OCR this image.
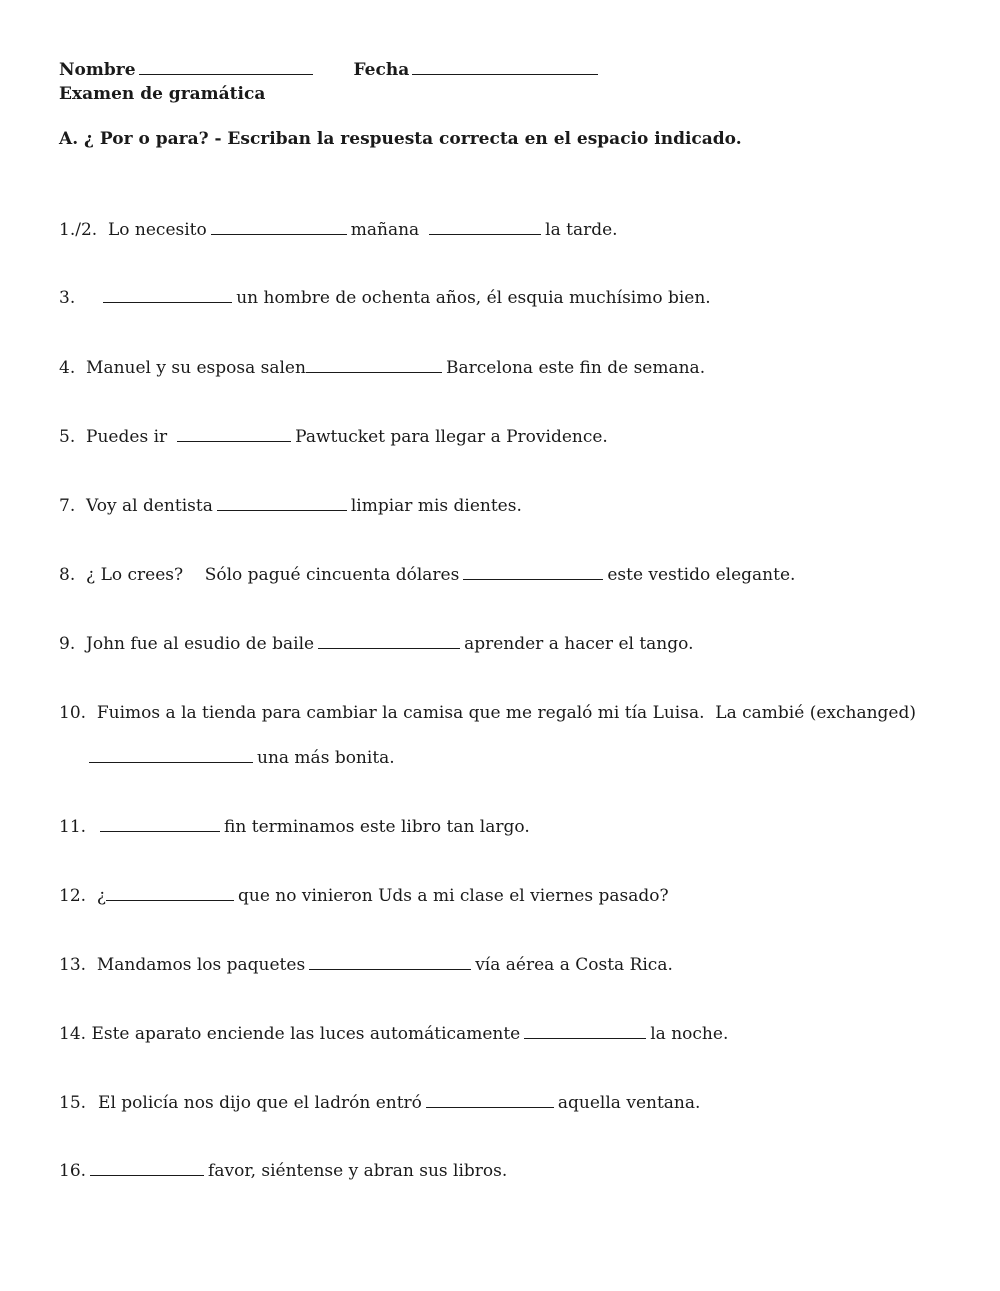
Nombre	Fecha
Examen de gramática
A. ¿ Por o para? - Escriban la respuesta correcta en el espacio indicado.
1./2. Lo necesito	mañana	la tarde.
3.	un hombre de ochenta años, él esquia muchísimo bien.
4. Manuel y su esposa salen	Barcelona este fin de semana.
5. Puedes ir	Pawtucket para llegar a Providence.
7. Voy al dentista	limpiar mis dientes.
8. ¿ Lo crees?    Sólo pagué cincuenta dólares	este vestido elegante.
9. John fue al esudio de baile	aprender a hacer el tango.
10. Fuimos a la tienda para cambiar la camisa que me regaló mi tía Luisa.  La cambié (exchanged)
una más bonita.
11.	fin terminamos este libro tan largo.
12. ¿	que no vinieron Uds a mi clase el viernes pasado?
13. Mandamos los paquetes	vía aérea a Costa Rica.
14. Este aparato enciende las luces automáticamente	la noche.
15. El policía nos dijo que el ladrón entró	aquella ventana.
16.	favor, siéntense y abran sus libros.
